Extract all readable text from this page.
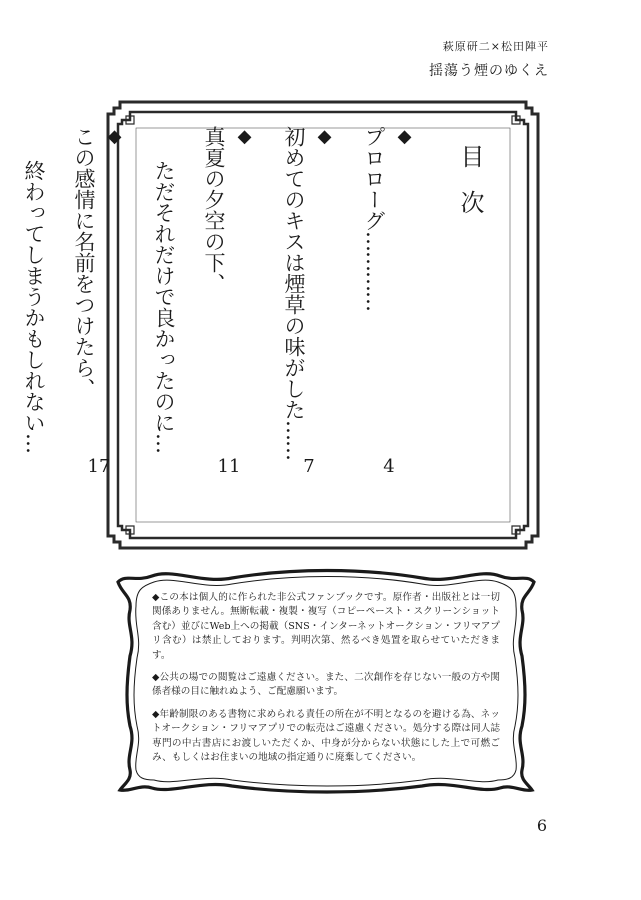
萩原研二×松田陣平
揺蕩う煙のゆくえ
目次
◆
プロローグ…………
4
◆
初めてのキスは煙草の味がした……
7
◆
真夏の夕空の下、
11
ただそれだけで良かったのに…
◆
この感情に名前をつけたら、
17
終わってしまうかもしれない…

◆この本は個人的に作られた非公式ファンブックです。原作者・出版社とは一切関係ありません。無断転載・複製・複写（コピーペースト・スクリーンショット含む）並びにWeb上への掲載（SNS・インターネットオークション・フリマアプリ含む）は禁止しております。判明次第、然るべき処置を取らせていただきます。

◆公共の場での閲覧はご遠慮ください。また、二次創作を存じない一般の方や関係者様の目に触れぬよう、ご配慮願います。

◆年齢制限のある書物に求められる責任の所在が不明となるのを避ける為、ネットオークション・フリマアプリでの転売はご遠慮ください。処分する際は同人誌専門の中古書店にお渡しいただくか、中身が分からない状態にした上で可燃ごみ、もしくはお住まいの地域の指定通りに廃棄してください。

6
